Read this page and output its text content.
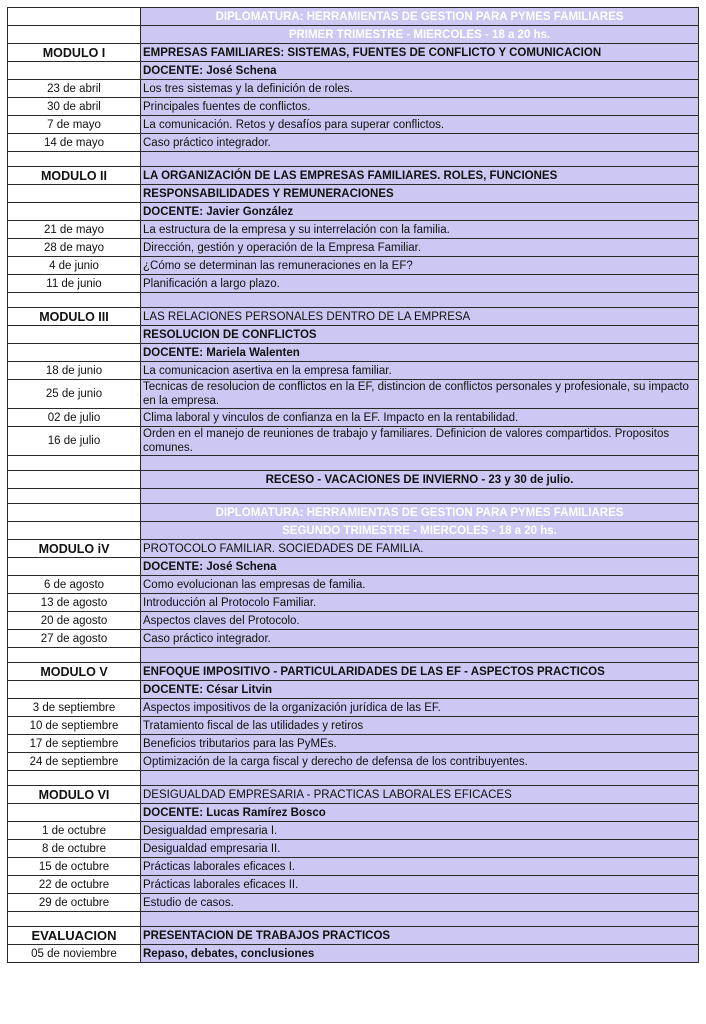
	DIPLOMATURA: HERRAMIENTAS DE GESTION PARA PYMES FAMILIARES
	PRIMER TRIMESTRE - MIERCOLES - 18 a 20 hs.
MODULO I	EMPRESAS FAMILIARES: SISTEMAS, FUENTES DE CONFLICTO Y COMUNICACION
	DOCENTE: José Schena
23 de abril	Los tres sistemas y la definición de roles.
30 de abril	Principales fuentes de conflictos.
7 de mayo	La comunicación. Retos y desafíos para superar conflictos.
14 de mayo	Caso práctico integrador.

MODULO II	LA ORGANIZACIÓN DE LAS EMPRESAS FAMILIARES. ROLES, FUNCIONES
	RESPONSABILIDADES Y REMUNERACIONES
	DOCENTE: Javier González
21 de mayo	La estructura de la empresa y su interrelación con la familia.
28 de mayo	Dirección, gestión y operación de la Empresa Familiar.
4 de junio	¿Cómo se determinan las remuneraciones en la EF?
11 de junio	Planificación a largo plazo.

MODULO III	LAS RELACIONES PERSONALES DENTRO DE LA EMPRESA
	RESOLUCION DE CONFLICTOS
	DOCENTE: Mariela Walenten
18 de junio	La comunicacion asertiva en la empresa familiar.
25 de junio	Tecnicas de resolucion de conflictos en la EF, distincion de conflictos personales y profesionale, su impacto en la empresa.
02 de julio	Clima laboral y vinculos de confianza en la EF. Impacto en la rentabilidad.
16 de julio	Orden en el manejo de reuniones de trabajo y familiares. Definicion de valores compartidos. Propositos comunes.

	RECESO - VACACIONES DE INVIERNO - 23 y 30 de julio.

	DIPLOMATURA: HERRAMIENTAS DE GESTION PARA PYMES FAMILIARES
	SEGUNDO TRIMESTRE - MIERCOLES - 18 a 20 hs.
MODULO iV	PROTOCOLO FAMILIAR. SOCIEDADES DE FAMILIA.
	DOCENTE: José Schena
6 de agosto	Como evolucionan las empresas de familia.
13 de agosto	Introducción al Protocolo Familiar.
20 de agosto	Aspectos claves del Protocolo.
27 de agosto	Caso práctico integrador.

MODULO V	ENFOQUE IMPOSITIVO - PARTICULARIDADES DE LAS EF - ASPECTOS PRACTICOS
	DOCENTE: César Litvin
3 de septiembre	Aspectos impositivos de la organización jurídica de las EF.
10 de septiembre	Tratamiento fiscal de las utilidades y retiros
17 de septiembre	Beneficios tributarios para las PyMEs.
24 de septiembre	Optimización de la carga fiscal y derecho de defensa de los contribuyentes.

MODULO VI	DESIGUALDAD EMPRESARIA - PRACTICAS LABORALES EFICACES
	DOCENTE: Lucas Ramírez Bosco
1 de octubre	Desigualdad empresaria I.
8 de octubre	Desigualdad empresaria II.
15 de octubre	Prácticas laborales eficaces I.
22 de octubre	Prácticas laborales eficaces II.
29 de octubre	Estudio de casos.

EVALUACION	PRESENTACION DE TRABAJOS PRACTICOS
05 de noviembre	Repaso, debates, conclusiones
